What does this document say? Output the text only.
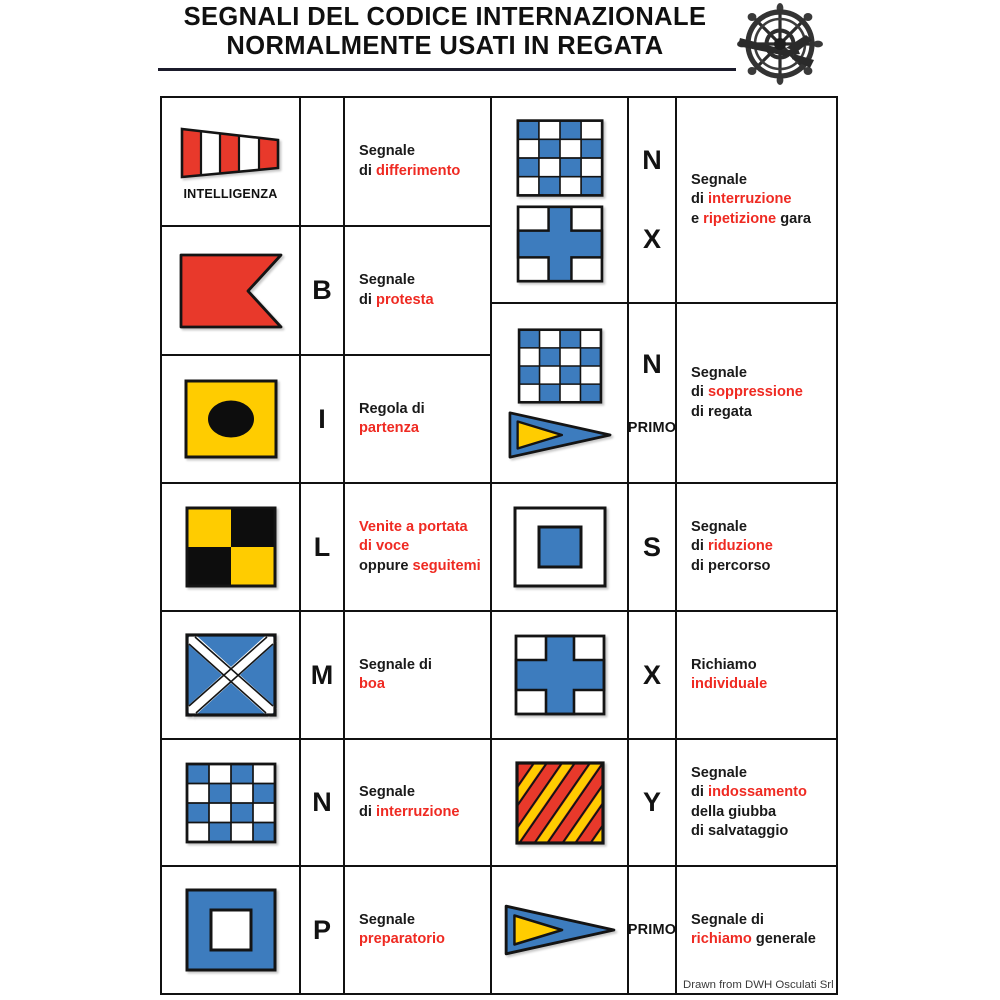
SEGNALI DEL CODICE INTERNAZIONALE
NORMALMENTE USATI IN REGATA
INTELLIGENZA
Segnale
di differimento
B Segnale
di protesta
I Regola di
partenza
L
Venite a portata
di voce
oppure seguitemi
M Segnale di
boa
N Segnale
di interruzione
P Segnale
preparatorio
N
X
Segnale
di interruzione
e ripetizione gara
N
PRIMO
Segnale
di soppressione
di regata
S
Segnale
di riduzione
di percorso
X Richiamo
individuale
Y
Segnale
di indossamento
della giubba
di salvataggio
PRIMO
Segnale di
richiamo generale
Drawn from DWH Osculati Srl
